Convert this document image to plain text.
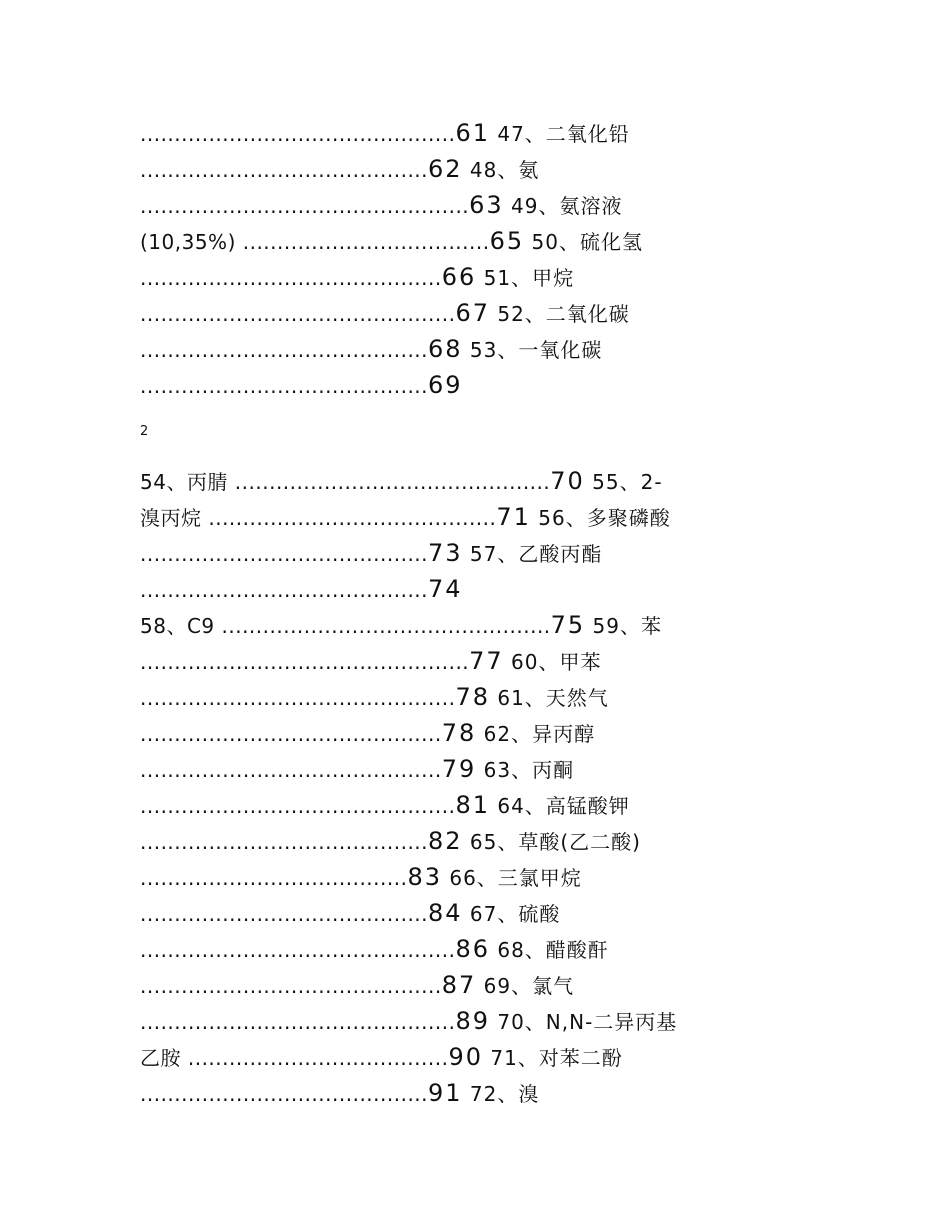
..............................................61 47、二氧化铅
..........................................62 48、氨
................................................63 49、氨溶液
(10,35%) ....................................65 50、硫化氢
............................................66 51、甲烷
..............................................67 52、二氧化碳
..........................................68 53、一氧化碳
..........................................69
2
54、丙腈 ..............................................70 55、2-
溴丙烷 ..........................................71 56、多聚磷酸
..........................................73 57、乙酸丙酯
..........................................74
58、C9 ................................................75 59、苯
................................................77 60、甲苯
..............................................78 61、天然气
............................................78 62、异丙醇
............................................79 63、丙酮
..............................................81 64、高锰酸钾
..........................................82 65、草酸(乙二酸)
.......................................83 66、三氯甲烷
..........................................84 67、硫酸
..............................................86 68、醋酸酐
............................................87 69、氯气
..............................................89 70、N,N-二异丙基
乙胺 ......................................90 71、对苯二酚
..........................................91 72、溴
